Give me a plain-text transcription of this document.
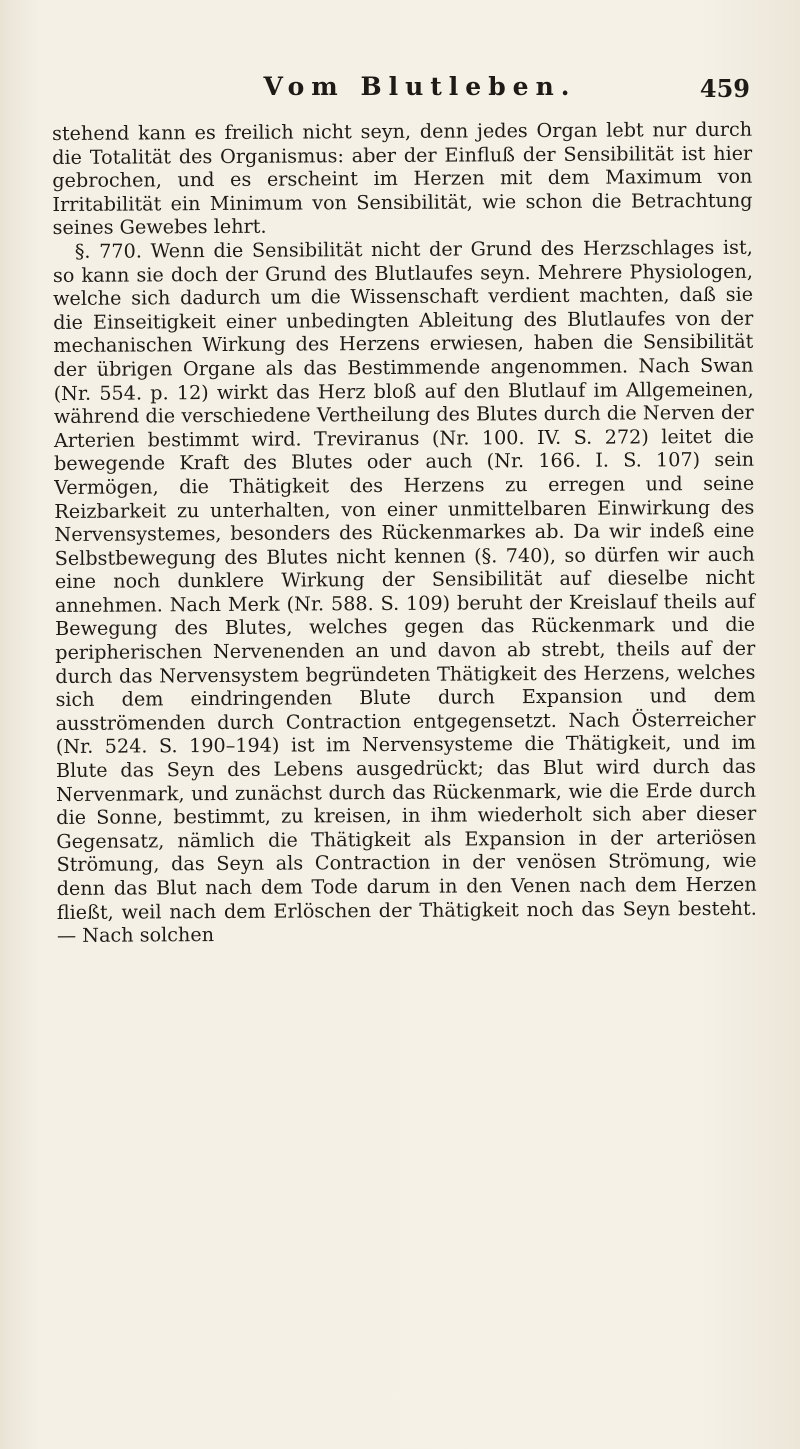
Vom Blutleben.	459

stehend kann es freilich nicht seyn, denn jedes Organ lebt nur durch die Totalität des Organismus: aber der Einfluß der Sensibilität ist hier gebrochen, und es erscheint im Herzen mit dem Maximum von Irritabilität ein Minimum von Sensibilität, wie schon die Betrachtung seines Gewebes lehrt.

§. 770. Wenn die Sensibilität nicht der Grund des Herzschlages ist, so kann sie doch der Grund des Blutlaufes seyn. Mehrere Physiologen, welche sich dadurch um die Wissenschaft verdient machten, daß sie die Einseitigkeit einer unbedingten Ableitung des Blutlaufes von der mechanischen Wirkung des Herzens erwiesen, haben die Sensibilität der übrigen Organe als das Bestimmende angenommen. Nach Swan (Nr. 554. p. 12) wirkt das Herz bloß auf den Blutlauf im Allgemeinen, während die verschiedene Vertheilung des Blutes durch die Nerven der Arterien bestimmt wird. Treviranus (Nr. 100. IV. S. 272) leitet die bewegende Kraft des Blutes oder auch (Nr. 166. I. S. 107) sein Vermögen, die Thätigkeit des Herzens zu erregen und seine Reizbarkeit zu unterhalten, von einer unmittelbaren Einwirkung des Nervensystemes, besonders des Rückenmarkes ab. Da wir indeß eine Selbstbewegung des Blutes nicht kennen (§. 740), so dürfen wir auch eine noch dunklere Wirkung der Sensibilität auf dieselbe nicht annehmen. Nach Merk (Nr. 588. S. 109) beruht der Kreislauf theils auf Bewegung des Blutes, welches gegen das Rückenmark und die peripherischen Nervenenden an und davon ab strebt, theils auf der durch das Nervensystem begründeten Thätigkeit des Herzens, welches sich dem eindringenden Blute durch Expansion und dem ausströmenden durch Contraction entgegensetzt. Nach Österreicher (Nr. 524. S. 190–194) ist im Nervensysteme die Thätigkeit, und im Blute das Seyn des Lebens ausgedrückt; das Blut wird durch das Nervenmark, und zunächst durch das Rückenmark, wie die Erde durch die Sonne, bestimmt, zu kreisen, in ihm wiederholt sich aber dieser Gegensatz, nämlich die Thätigkeit als Expansion in der arteriösen Strömung, das Seyn als Contraction in der venösen Strömung, wie denn das Blut nach dem Tode darum in den Venen nach dem Herzen fließt, weil nach dem Erlöschen der Thätigkeit noch das Seyn besteht. — Nach solchen
